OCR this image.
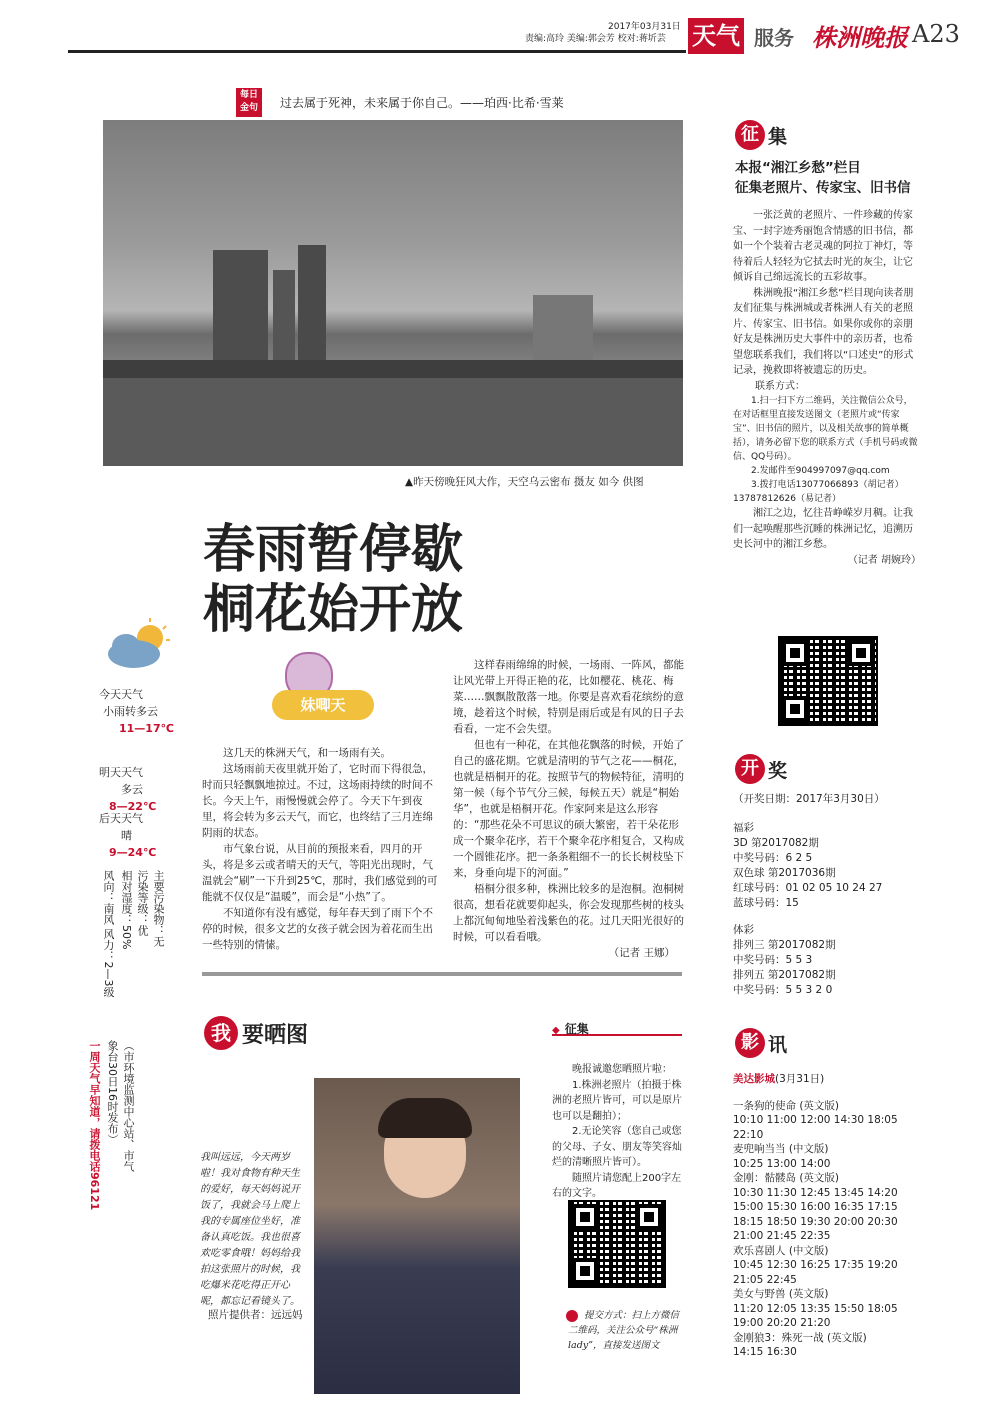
2017年03月31日
责编:高玲 美编:郭会芳 校对:蒋圻芸 天气 服务 株洲晚报 A23
每日
金句	过去属于死神，未来属于你自己。——珀西·比希·雪莱
▲昨天傍晚狂风大作，天空乌云密布 摄友 如今 供图
春雨暂停歇
桐花始开放
今天天气
小雨转多云
11—17℃
明天天气
多云
8—22℃
后天天气
晴
9—24℃
风向：南风 风力：2—3级 相对湿度：50% 污染等级：优 主要污染物：无
（市环境监测中心站、市气
象台30日16时发布）
一周天气早知道，请拨电话96121
妹唧天

这几天的株洲天气，和一场雨有关。

这场雨前天夜里就开始了，它时而下得很急，时而只轻飘飘地掠过。不过，这场雨持续的时间不长。今天上午，雨慢慢就会停了。今天下午到夜里，将会转为多云天气，而它，也终结了三月连绵阴雨的状态。

市气象台说，从目前的预报来看，四月的开头，将是多云或者晴天的天气，等阳光出现时，气温就会“刷”一下升到25℃，那时，我们感觉到的可能就不仅仅是“温暖”，而会是“小热”了。

不知道你有没有感觉，每年春天到了雨下个不停的时候，很多文艺的女孩子就会因为着花而生出一些特别的情愫。

这样春雨绵绵的时候，一场雨、一阵风，都能让风光带上开得正艳的花，比如樱花、桃花、梅菜……飘飘散散落一地。你要是喜欢看花缤纷的意境，趁着这个时候，特别是雨后或是有风的日子去看看，一定不会失望。

但也有一种花，在其他花飘落的时候，开始了自己的盛花期。它就是清明的节气之花——桐花，也就是梧桐开的花。按照节气的物候特征，清明的第一候（每个节气分三候，每候五天）就是“桐始华”，也就是梧桐开花。作家阿来是这么形容的：“那些花朵不可思议的硕大繁密，若干朵花形成一个聚伞花序，若干个聚伞花序相复合，又构成一个圆锥花序。把一条条粗细不一的长长树枝坠下来，身垂向堤下的河面。”

梧桐分很多种，株洲比较多的是泡桐。泡桐树很高，想看花就要仰起头，你会发现那些树的枝头上都沉甸甸地坠着浅紫色的花。过几天阳光很好的时候，可以看看哦。

（记者 王娜）
征 集
本报“湘江乡愁”栏目
征集老照片、传家宝、旧书信

一张泛黄的老照片、一件珍藏的传家宝、一封字迹秀丽饱含情感的旧书信，都如一个个装着古老灵魂的阿拉丁神灯，等待着后人轻轻为它拭去时光的灰尘，让它倾诉自己绵远流长的五彩故事。

株洲晚报“湘江乡愁”栏目现向读者朋友们征集与株洲城或者株洲人有关的老照片、传家宝、旧书信。如果你或你的亲朋好友是株洲历史大事件中的亲历者，也希望您联系我们，我们将以“口述史”的形式记录，挽救即将被遗忘的历史。

联系方式：

1.扫一扫下方二维码，关注微信公众号，在对话框里直接发送图文（老照片或“传家宝”、旧书信的照片，以及相关故事的简单概括），请务必留下您的联系方式（手机号码或微信、QQ号码）。

2.发邮件至904997097@qq.com

3.拨打电话13077066893（胡记者）13787812626（易记者）

湘江之边，忆往昔峥嵘岁月稠。让我们一起唤醒那些沉睡的株洲记忆，追溯历史长河中的湘江乡愁。

（记者 胡婉玲）
开 奖
（开奖日期：2017年3月30日）
福彩
3D 第2017082期
中奖号码：6 2 5
双色球 第2017036期
红球号码：01 02 05 10 24 27
蓝球号码：15
体彩
排列三 第2017082期
中奖号码：5 5 3
排列五 第2017082期
中奖号码：5 5 3 2 0
影 讯
美达影城(3月31日)
一条狗的使命 (英文版)
10:10 11:00 12:00 14:30 18:05
22:10
麦兜响当当 (中文版)
10:25 13:00 14:00
金刚：骷髅岛 (英文版)
10:30 11:30 12:45 13:45 14:20
15:00 15:30 16:00 16:35 17:15
18:15 18:50 19:30 20:00 20:30
21:00 21:45 22:35
欢乐喜剧人 (中文版)
10:45 12:30 16:25 17:35 19:20
21:05 22:45
美女与野兽 (英文版)
11:20 12:05 13:35 15:50 18:05
19:00 20:20 21:20
金刚狼3：殊死一战 (英文版)
14:15 16:30
我 要晒图
我叫远远，今天两岁啦！我对食物有种天生的爱好，每天妈妈说开饭了，我就会马上爬上我的专属座位坐好，准备认真吃饭。我也很喜欢吃零食哦！妈妈给我拍这张照片的时候，我吃爆米花吃得正开心呢，都忘记看镜头了。
照片提供者：远远妈
◆ 征集

晚报诚邀您晒照片啦：

1.株洲老照片（拍摄于株洲的老照片皆可，可以是原片也可以是翻拍）；

2.无论笑容（您自己或您的父母、子女、朋友等笑容灿烂的清晰照片皆可）。

随照片请您配上200字左右的文字。

提交方式：扫上方微信二维码，关注公众号“株洲lady”，直接发送图文
